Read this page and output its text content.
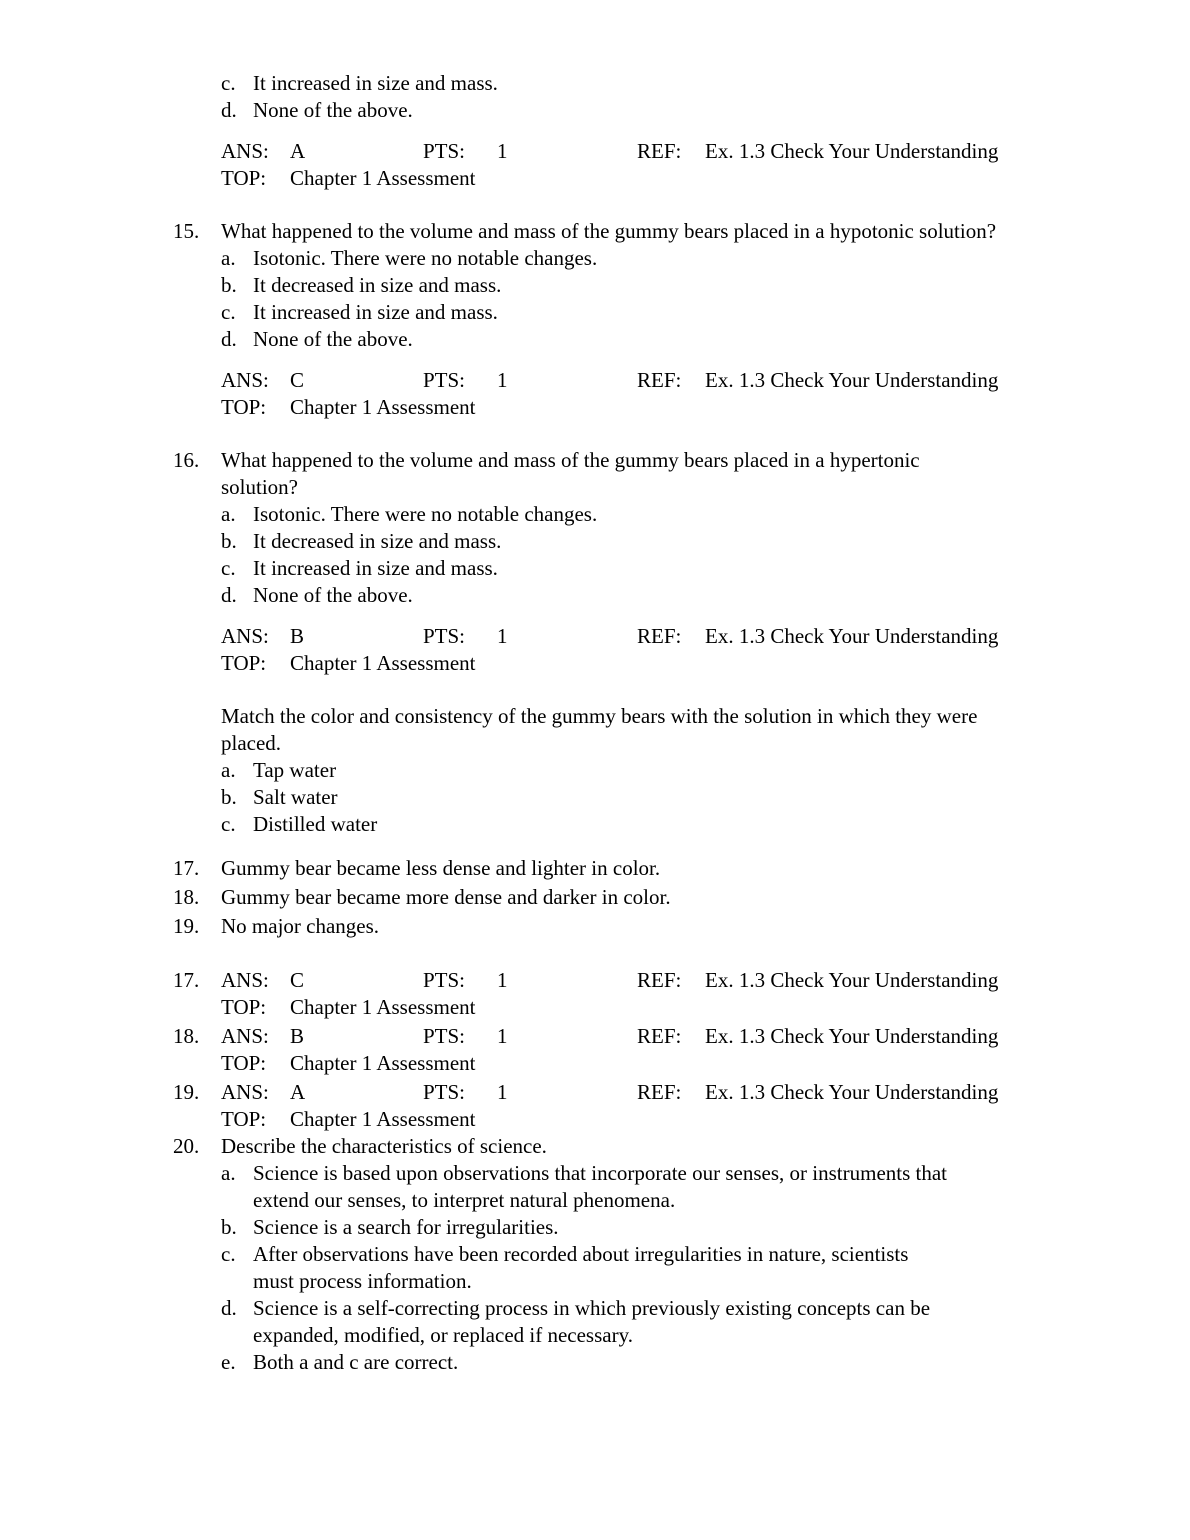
c. It increased in size and mass.
d. None of the above.
ANS:	A	PTS:	1	REF:	Ex. 1.3 Check Your Understanding
TOP:	Chapter 1 Assessment
15.	What happened to the volume and mass of the gummy bears placed in a hypotonic solution?
a. Isotonic. There were no notable changes.
b. It decreased in size and mass.
c. It increased in size and mass.
d. None of the above.
ANS:	C	PTS:	1	REF:	Ex. 1.3 Check Your Understanding
TOP:	Chapter 1 Assessment
16.	What happened to the volume and mass of the gummy bears placed in a hypertonic
solution?
a. Isotonic. There were no notable changes.
b. It decreased in size and mass.
c. It increased in size and mass.
d. None of the above.
ANS:	B	PTS:	1	REF:	Ex. 1.3 Check Your Understanding
TOP:	Chapter 1 Assessment
Match the color and consistency of the gummy bears with the solution in which they were
placed.
a. Tap water
b. Salt water
c. Distilled water
17.	Gummy bear became less dense and lighter in color.
18.	Gummy bear became more dense and darker in color.
19.	No major changes.
17.	ANS:	C	PTS:	1	REF:	Ex. 1.3 Check Your Understanding
TOP:	Chapter 1 Assessment
18.	ANS:	B	PTS:	1	REF:	Ex. 1.3 Check Your Understanding
TOP:	Chapter 1 Assessment
19.	ANS:	A	PTS:	1	REF:	Ex. 1.3 Check Your Understanding
TOP:	Chapter 1 Assessment
20.	Describe the characteristics of science.
a. Science is based upon observations that incorporate our senses, or instruments that
extend our senses, to interpret natural phenomena.
b. Science is a search for irregularities.
c. After observations have been recorded about irregularities in nature, scientists
must process information.
d. Science is a self-correcting process in which previously existing concepts can be
expanded, modified, or replaced if necessary.
e. Both a and c are correct.
